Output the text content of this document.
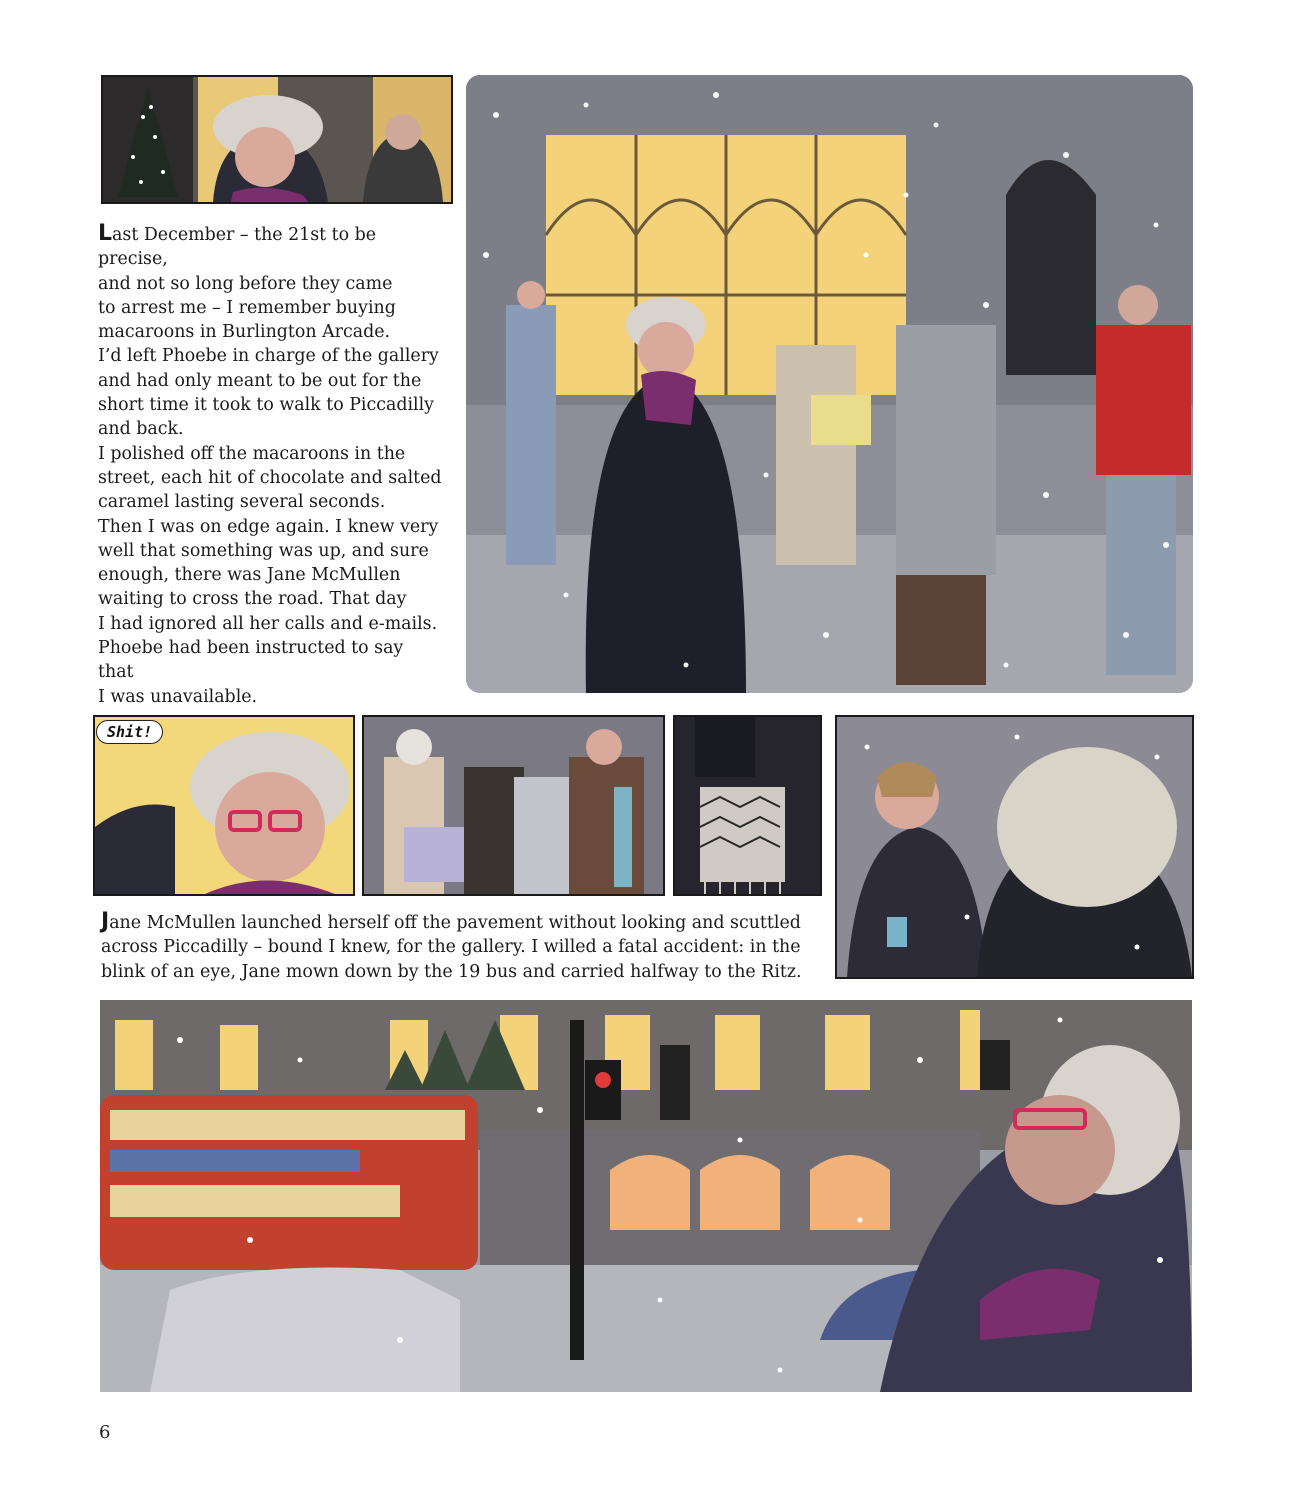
Last December – the 21st to be precise,

and not so long before they came

to arrest me – I remember buying

macaroons in Burlington Arcade.

I’d left Phoebe in charge of the gallery

and had only meant to be out for the

short time it took to walk to Piccadilly

and back.

I polished off the macaroons in the

street, each hit of chocolate and salted

caramel lasting several seconds.

Then I was on edge again. I knew very

well that something was up, and sure

enough, there was Jane McMullen

waiting to cross the road. That day

I had ignored all her calls and e-mails.

Phoebe had been instructed to say that

I was unavailable.

Shit!

Jane McMullen launched herself off the pavement without looking and scuttled

across Piccadilly – bound I knew, for the gallery. I willed a fatal accident: in the

blink of an eye, Jane mown down by the 19 bus and carried halfway to the Ritz.

6
